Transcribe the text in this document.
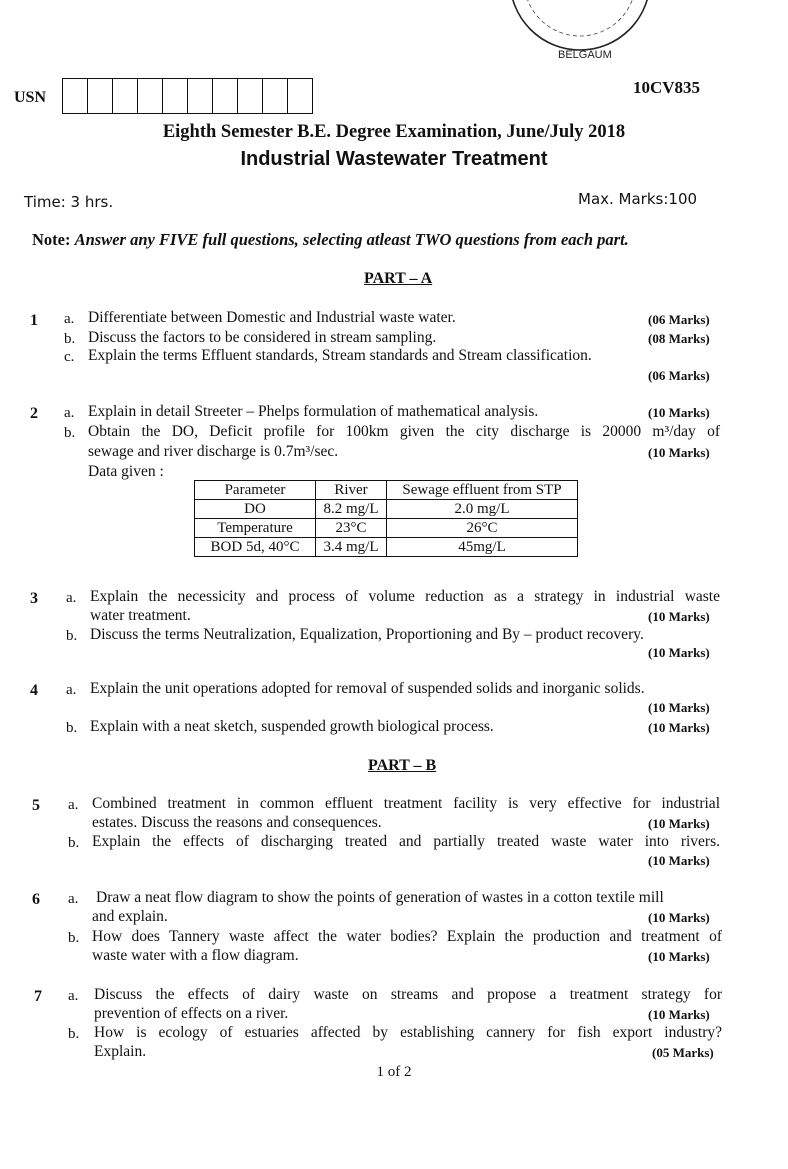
BELGAUM
USN
10CV835
Eighth Semester B.E. Degree Examination, June/July 2018
Industrial Wastewater Treatment
Time: 3 hrs.	Max. Marks:100
Note: Answer any FIVE full questions, selecting atleast TWO questions from each part.
PART – A
1 a. Differentiate between Domestic and Industrial waste water.	(06 Marks)
b. Discuss the factors to be considered in stream sampling.	(08 Marks)
c. Explain the terms Effluent standards, Stream standards and Stream classification.
(06 Marks)
2 a. Explain in detail Streeter – Phelps formulation of mathematical analysis.	(10 Marks)
b. Obtain the DO, Deficit profile for 100km given the city discharge is 20000 m³/day of
sewage and river discharge is 0.7m³/sec.	(10 Marks)
Data given :
Parameter	River	Sewage effluent from STP
DO	8.2 mg/L	2.0 mg/L
Temperature	23°C	26°C
BOD 5d, 40°C	3.4 mg/L	45mg/L
3 a. Explain the necessicity and process of volume reduction as a strategy in industrial waste
water treatment.	(10 Marks)
b. Discuss the terms Neutralization, Equalization, Proportioning and By – product recovery.
(10 Marks)
4 a. Explain the unit operations adopted for removal of suspended solids and inorganic solids.
(10 Marks)
b. Explain with a neat sketch, suspended growth biological process.	(10 Marks)
PART – B
5 a. Combined treatment in common effluent treatment facility is very effective for industrial
estates. Discuss the reasons and consequences.	(10 Marks)
b. Explain the effects of discharging treated and partially treated waste water into rivers.
(10 Marks)
6 a. Draw a neat flow diagram to show the points of generation of wastes in a cotton textile mill
and explain.	(10 Marks)
b. How does Tannery waste affect the water bodies? Explain the production and treatment of
waste water with a flow diagram.	(10 Marks)
7 a. Discuss the effects of dairy waste on streams and propose a treatment strategy for
prevention of effects on a river.	(10 Marks)
b. How is ecology of estuaries affected by establishing cannery for fish export industry?
Explain.	(05 Marks)
1 of 2
